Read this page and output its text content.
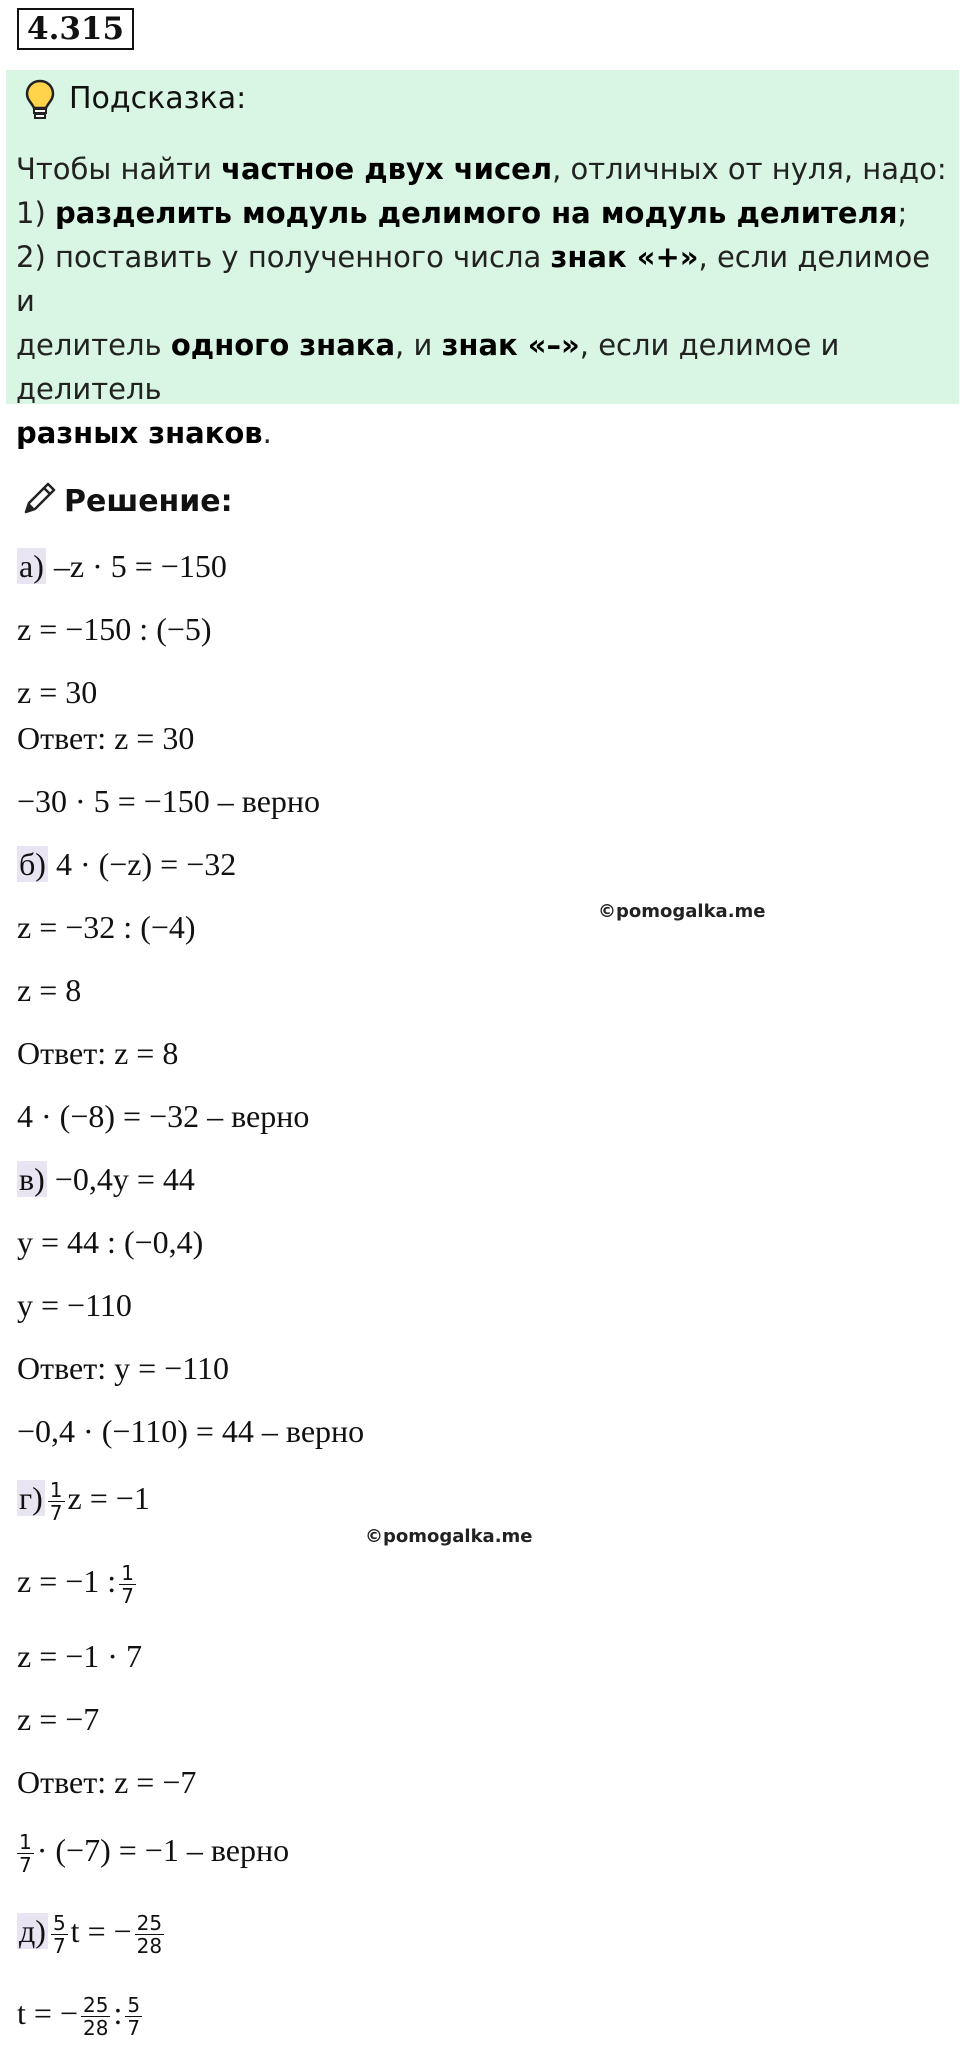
4.315
Подсказка:
Чтобы найти частное двух чисел, отличных от нуля, надо:
1) разделить модуль делимого на модуль делителя;
2) поставить у полученного числа знак «+», если делимое и
делитель одного знака, и знак «–», если делимое и делитель
разных знаков.
Решение:
а) –z · 5 = −150
z = −150 : (−5)
z = 30
Ответ: z = 30
−30 · 5 = −150 – верно
б) 4 · (−z) = −32
z = −32 : (−4)
z = 8
Ответ: z = 8
4 · (−8) = −32 – верно
©pomogalka.me
в) −0,4y = 44
y = 44 : (−0,4)
y = −110
Ответ: y = −110
−0,4 · (−110) = 44 – верно
$г) \frac{1}{7}$ z = −1
©pomogalka.me
z = −1 : $\frac{1}{7}$
z = −1 · 7
z = −7
Ответ: z = −7
$\frac{1}{7} \cdot (-7) = -1$ – верно
$д) \frac{5}{7}$ t = − $\frac{25}{28}$
t = − $\frac{25}{28}$ : $\frac{5}{7}$
